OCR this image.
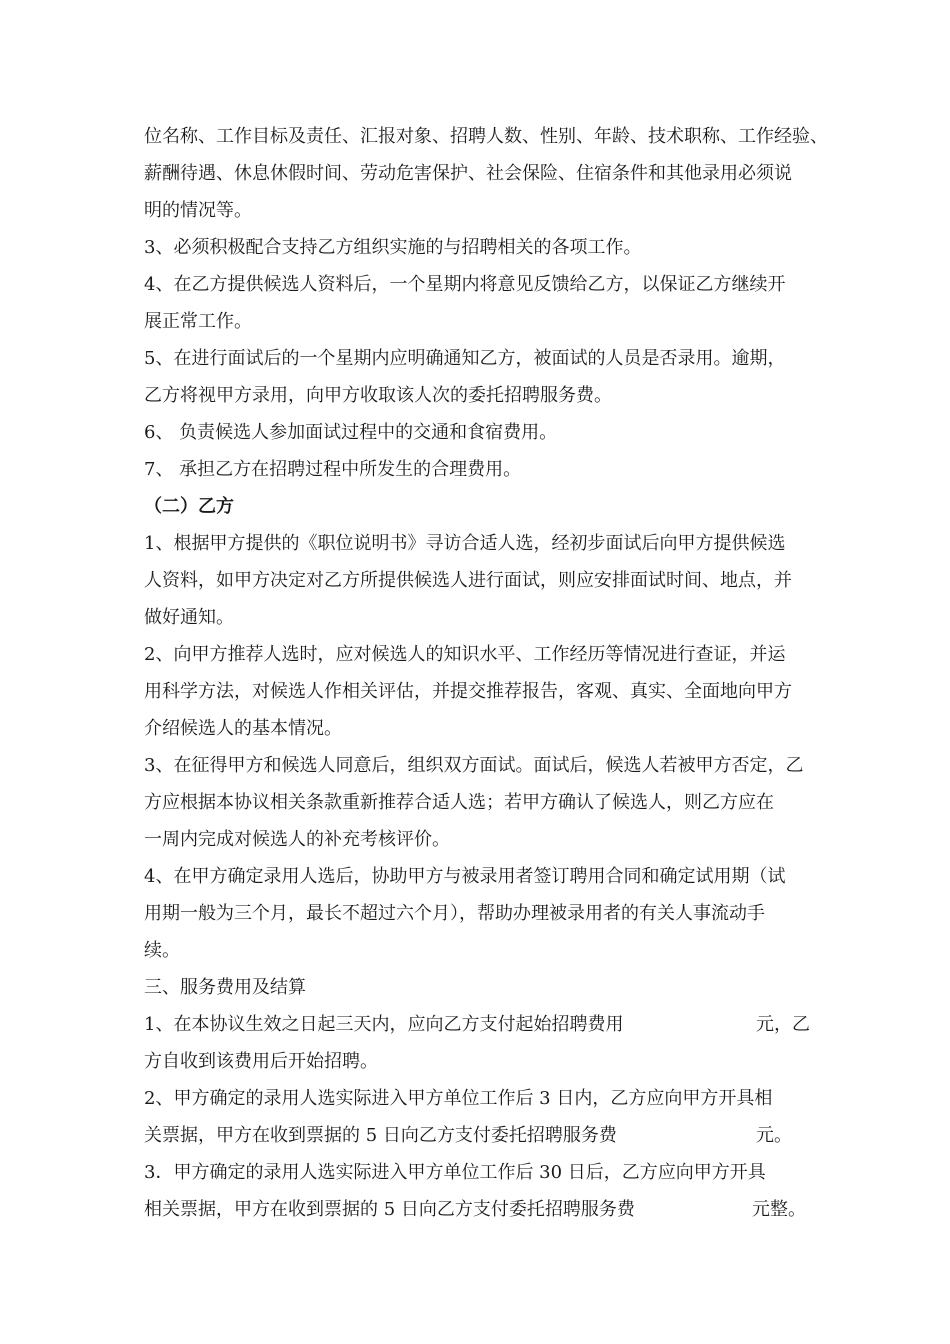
位名称、工作目标及责任、汇报对象、招聘人数、性别、年龄、技术职称、工作经验、
薪酬待遇、休息休假时间、劳动危害保护、社会保险、住宿条件和其他录用必须说
明的情况等。
3、必须积极配合支持乙方组织实施的与招聘相关的各项工作。
4、在乙方提供候选人资料后，一个星期内将意见反馈给乙方，以保证乙方继续开
展正常工作。
5、在进行面试后的一个星期内应明确通知乙方，被面试的人员是否录用。逾期，
乙方将视甲方录用，向甲方收取该人次的委托招聘服务费。
6、 负责候选人参加面试过程中的交通和食宿费用。
7、 承担乙方在招聘过程中所发生的合理费用。
（二）乙方
1、根据甲方提供的《职位说明书》寻访合适人选，经初步面试后向甲方提供候选
人资料，如甲方决定对乙方所提供候选人进行面试，则应安排面试时间、地点，并
做好通知。
2、向甲方推荐人选时，应对候选人的知识水平、工作经历等情况进行查证，并运
用科学方法，对候选人作相关评估，并提交推荐报告，客观、真实、全面地向甲方
介绍候选人的基本情况。
3、在征得甲方和候选人同意后，组织双方面试。面试后，候选人若被甲方否定，乙
方应根据本协议相关条款重新推荐合适人选；若甲方确认了候选人，则乙方应在
一周内完成对候选人的补充考核评价。
4、在甲方确定录用人选后，协助甲方与被录用者签订聘用合同和确定试用期（试
用期一般为三个月，最长不超过六个月），帮助办理被录用者的有关人事流动手
续。
三、服务费用及结算
1、在本协议生效之日起三天内，应向乙方支付起始招聘费用	元，乙
方自收到该费用后开始招聘。
2、甲方确定的录用人选实际进入甲方单位工作后 3 日内，乙方应向甲方开具相
关票据，甲方在收到票据的 5 日向乙方支付委托招聘服务费	元。
3．甲方确定的录用人选实际进入甲方单位工作后 30 日后，乙方应向甲方开具
相关票据，甲方在收到票据的 5 日向乙方支付委托招聘服务费	元整。
